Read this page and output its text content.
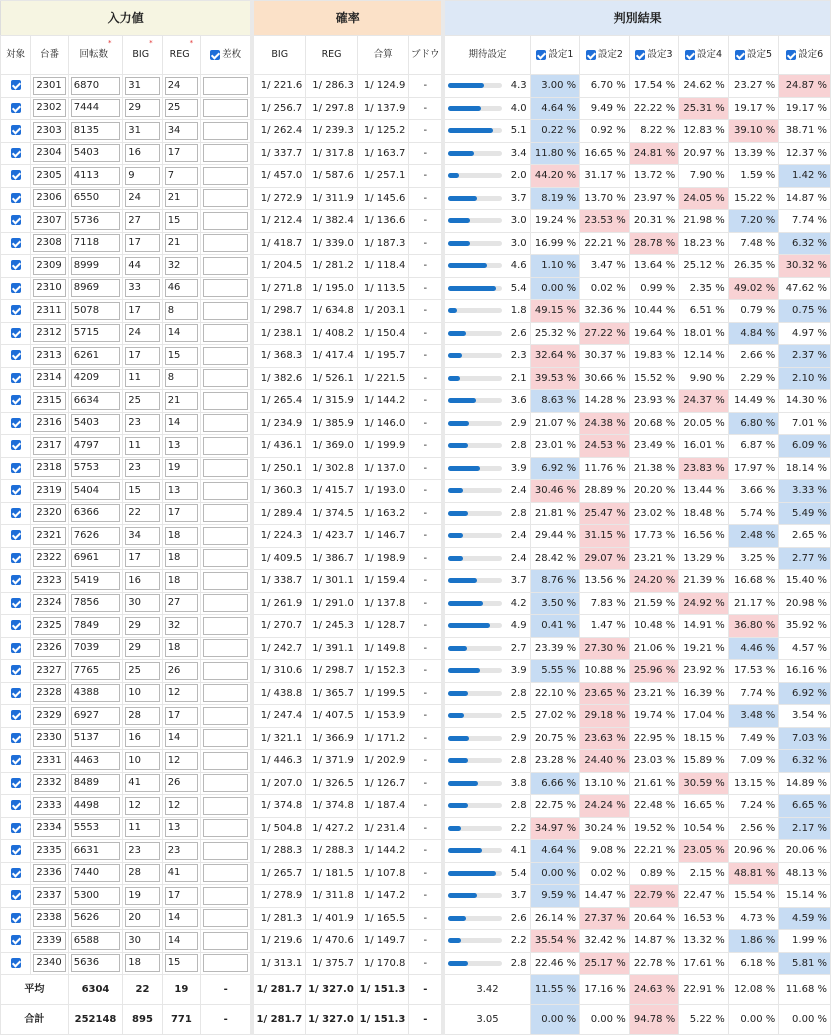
入力値						確率				判別結果						
対象	台番	回転数*	BIG*	REG*	差枚	BIG	REG	合算	ブドウ	期待設定	設定1	設定2	設定3	設定4	設定5	設定6

	2301	6870	31	24		1/ 221.6	1/ 286.3	1/ 124.9	-	4.3	3.00 %	6.70 %	17.54 %	24.62 %	23.27 %	24.87 %

	2302	7444	29	25		1/ 256.7	1/ 297.8	1/ 137.9	-	4.0	4.64 %	9.49 %	22.22 %	25.31 %	19.17 %	19.17 %

	2303	8135	31	34		1/ 262.4	1/ 239.3	1/ 125.2	-	5.1	0.22 %	0.92 %	8.22 %	12.83 %	39.10 %	38.71 %

	2304	5403	16	17		1/ 337.7	1/ 317.8	1/ 163.7	-	3.4	11.80 %	16.65 %	24.81 %	20.97 %	13.39 %	12.37 %

	2305	4113	9	7		1/ 457.0	1/ 587.6	1/ 257.1	-	2.0	44.20 %	31.17 %	13.72 %	7.90 %	1.59 %	1.42 %

	2306	6550	24	21		1/ 272.9	1/ 311.9	1/ 145.6	-	3.7	8.19 %	13.70 %	23.97 %	24.05 %	15.22 %	14.87 %

	2307	5736	27	15		1/ 212.4	1/ 382.4	1/ 136.6	-	3.0	19.24 %	23.53 %	20.31 %	21.98 %	7.20 %	7.74 %

	2308	7118	17	21		1/ 418.7	1/ 339.0	1/ 187.3	-	3.0	16.99 %	22.21 %	28.78 %	18.23 %	7.48 %	6.32 %

	2309	8999	44	32		1/ 204.5	1/ 281.2	1/ 118.4	-	4.6	1.10 %	3.47 %	13.64 %	25.12 %	26.35 %	30.32 %

	2310	8969	33	46		1/ 271.8	1/ 195.0	1/ 113.5	-	5.4	0.00 %	0.02 %	0.99 %	2.35 %	49.02 %	47.62 %

	2311	5078	17	8		1/ 298.7	1/ 634.8	1/ 203.1	-	1.8	49.15 %	32.36 %	10.44 %	6.51 %	0.79 %	0.75 %

	2312	5715	24	14		1/ 238.1	1/ 408.2	1/ 150.4	-	2.6	25.32 %	27.22 %	19.64 %	18.01 %	4.84 %	4.97 %

	2313	6261	17	15		1/ 368.3	1/ 417.4	1/ 195.7	-	2.3	32.64 %	30.37 %	19.83 %	12.14 %	2.66 %	2.37 %

	2314	4209	11	8		1/ 382.6	1/ 526.1	1/ 221.5	-	2.1	39.53 %	30.66 %	15.52 %	9.90 %	2.29 %	2.10 %

	2315	6634	25	21		1/ 265.4	1/ 315.9	1/ 144.2	-	3.6	8.63 %	14.28 %	23.93 %	24.37 %	14.49 %	14.30 %

	2316	5403	23	14		1/ 234.9	1/ 385.9	1/ 146.0	-	2.9	21.07 %	24.38 %	20.68 %	20.05 %	6.80 %	7.01 %

	2317	4797	11	13		1/ 436.1	1/ 369.0	1/ 199.9	-	2.8	23.01 %	24.53 %	23.49 %	16.01 %	6.87 %	6.09 %

	2318	5753	23	19		1/ 250.1	1/ 302.8	1/ 137.0	-	3.9	6.92 %	11.76 %	21.38 %	23.83 %	17.97 %	18.14 %

	2319	5404	15	13		1/ 360.3	1/ 415.7	1/ 193.0	-	2.4	30.46 %	28.89 %	20.20 %	13.44 %	3.66 %	3.33 %

	2320	6366	22	17		1/ 289.4	1/ 374.5	1/ 163.2	-	2.8	21.81 %	25.47 %	23.02 %	18.48 %	5.74 %	5.49 %

	2321	7626	34	18		1/ 224.3	1/ 423.7	1/ 146.7	-	2.4	29.44 %	31.15 %	17.73 %	16.56 %	2.48 %	2.65 %

	2322	6961	17	18		1/ 409.5	1/ 386.7	1/ 198.9	-	2.4	28.42 %	29.07 %	23.21 %	13.29 %	3.25 %	2.77 %

	2323	5419	16	18		1/ 338.7	1/ 301.1	1/ 159.4	-	3.7	8.76 %	13.56 %	24.20 %	21.39 %	16.68 %	15.40 %

	2324	7856	30	27		1/ 261.9	1/ 291.0	1/ 137.8	-	4.2	3.50 %	7.83 %	21.59 %	24.92 %	21.17 %	20.98 %

	2325	7849	29	32		1/ 270.7	1/ 245.3	1/ 128.7	-	4.9	0.41 %	1.47 %	10.48 %	14.91 %	36.80 %	35.92 %

	2326	7039	29	18		1/ 242.7	1/ 391.1	1/ 149.8	-	2.7	23.39 %	27.30 %	21.06 %	19.21 %	4.46 %	4.57 %

	2327	7765	25	26		1/ 310.6	1/ 298.7	1/ 152.3	-	3.9	5.55 %	10.88 %	25.96 %	23.92 %	17.53 %	16.16 %

	2328	4388	10	12		1/ 438.8	1/ 365.7	1/ 199.5	-	2.8	22.10 %	23.65 %	23.21 %	16.39 %	7.74 %	6.92 %

	2329	6927	28	17		1/ 247.4	1/ 407.5	1/ 153.9	-	2.5	27.02 %	29.18 %	19.74 %	17.04 %	3.48 %	3.54 %

	2330	5137	16	14		1/ 321.1	1/ 366.9	1/ 171.2	-	2.9	20.75 %	23.63 %	22.95 %	18.15 %	7.49 %	7.03 %

	2331	4463	10	12		1/ 446.3	1/ 371.9	1/ 202.9	-	2.8	23.28 %	24.40 %	23.03 %	15.89 %	7.09 %	6.32 %

	2332	8489	41	26		1/ 207.0	1/ 326.5	1/ 126.7	-	3.8	6.66 %	13.10 %	21.61 %	30.59 %	13.15 %	14.89 %

	2333	4498	12	12		1/ 374.8	1/ 374.8	1/ 187.4	-	2.8	22.75 %	24.24 %	22.48 %	16.65 %	7.24 %	6.65 %

	2334	5553	11	13		1/ 504.8	1/ 427.2	1/ 231.4	-	2.2	34.97 %	30.24 %	19.52 %	10.54 %	2.56 %	2.17 %

	2335	6631	23	23		1/ 288.3	1/ 288.3	1/ 144.2	-	4.1	4.64 %	9.08 %	22.21 %	23.05 %	20.96 %	20.06 %

	2336	7440	28	41		1/ 265.7	1/ 181.5	1/ 107.8	-	5.4	0.00 %	0.02 %	0.89 %	2.15 %	48.81 %	48.13 %

	2337	5300	19	17		1/ 278.9	1/ 311.8	1/ 147.2	-	3.7	9.59 %	14.47 %	22.79 %	22.47 %	15.54 %	15.14 %

	2338	5626	20	14		1/ 281.3	1/ 401.9	1/ 165.5	-	2.6	26.14 %	27.37 %	20.64 %	16.53 %	4.73 %	4.59 %

	2339	6588	30	14		1/ 219.6	1/ 470.6	1/ 149.7	-	2.2	35.54 %	32.42 %	14.87 %	13.32 %	1.86 %	1.99 %

	2340	5636	18	15		1/ 313.1	1/ 375.7	1/ 170.8	-	2.8	22.46 %	25.17 %	22.78 %	17.61 %	6.18 %	5.81 %
平均		6304	22	19	-	1/ 281.7	1/ 327.0	1/ 151.3	-	3.42	11.55 %	17.16 %	24.63 %	22.91 %	12.08 %	11.68 %
合計		252148	895	771	-	1/ 281.7	1/ 327.0	1/ 151.3	-	3.05	0.00 %	0.00 %	94.78 %	5.22 %	0.00 %	0.00 %
